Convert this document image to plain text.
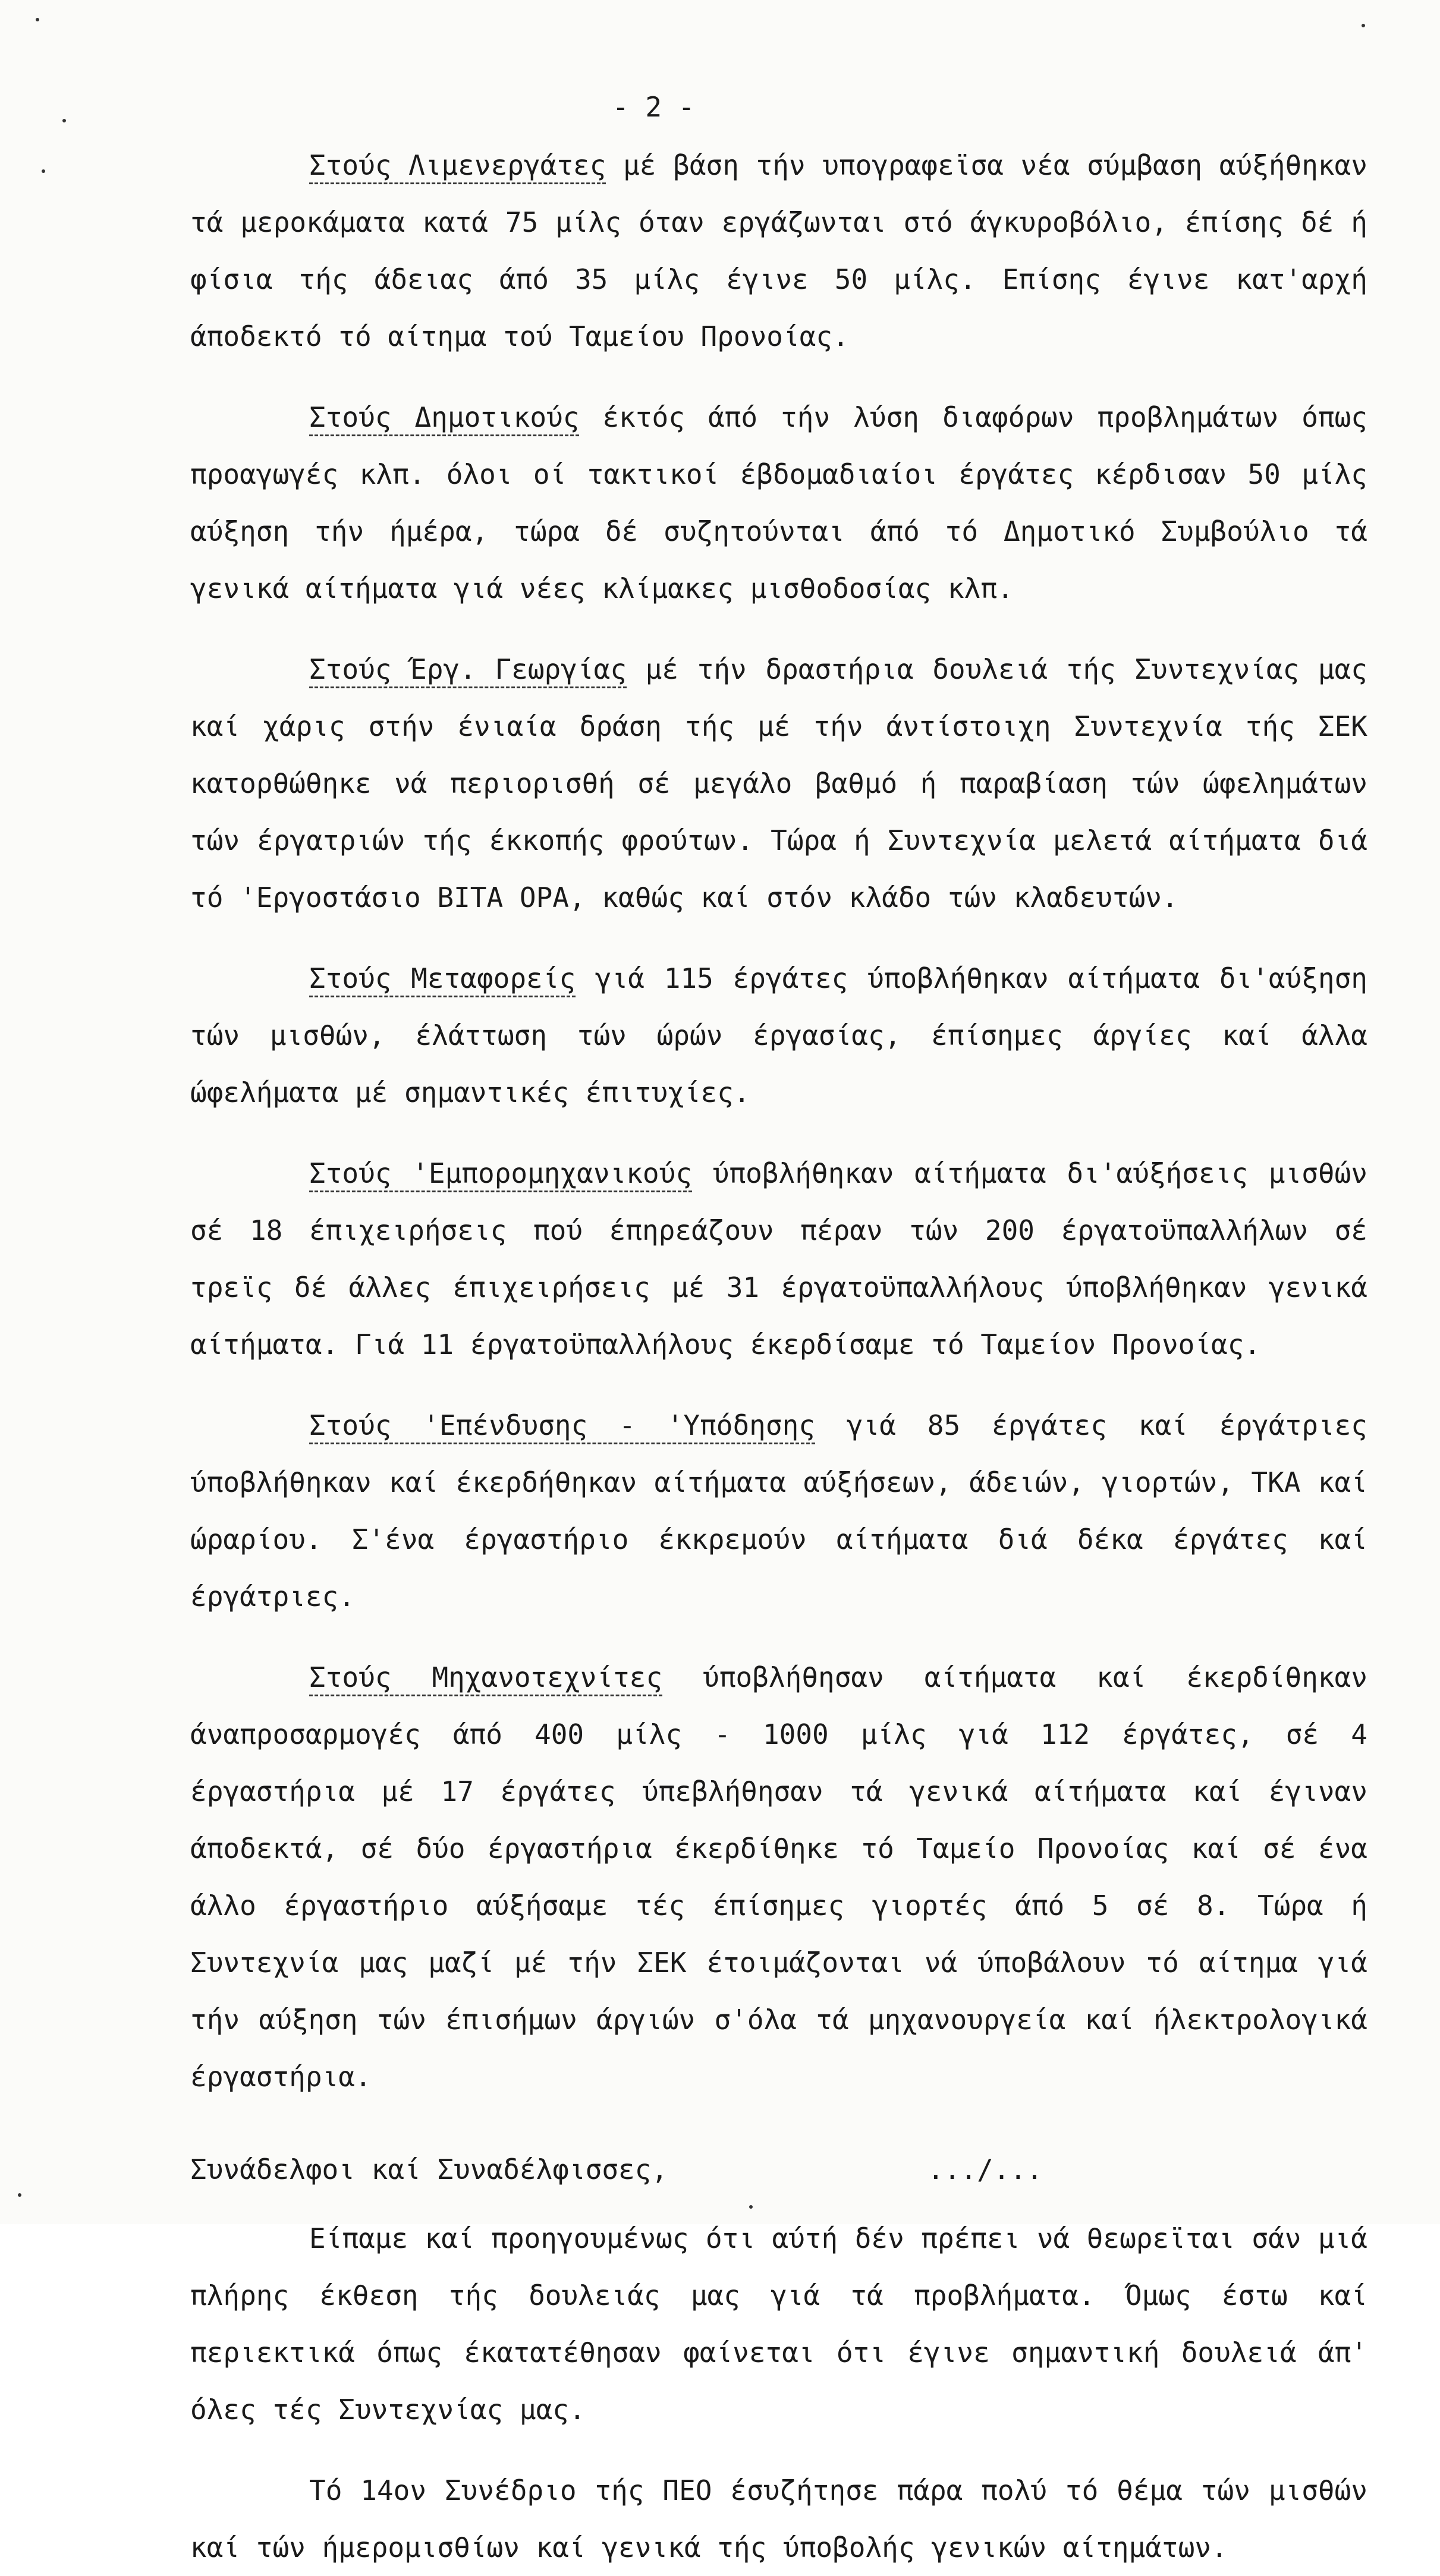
- 2 -

Στούς Λιμενεργάτες μέ βάση τήν υπογραφεϊσα νέα σύμβαση αύξήθηκαν τά μεροκάματα κατά 75 μίλς όταν εργάζωνται στό άγκυροβόλιο, έπίσης δέ ή φίσια τής άδειας άπό 35 μίλς έγινε 50 μίλς. Επίσης έγινε κατ'αρχή άποδεκτό τό αίτημα τού Ταμείου Προνοίας.

Στούς Δημοτικούς έκτός άπό τήν λύση διαφόρων προβλημάτων όπως προαγωγές κλπ. όλοι οί τακτικοί έβδομαδιαίοι έργάτες κέρδισαν 50 μίλς αύξηση τήν ήμέρα, τώρα δέ συζητούνται άπό τό Δημοτικό Συμβούλιο τά γενικά αίτήματα γιά νέες κλίμακες μισθοδοσίας κλπ.

Στούς Έργ. Γεωργίας μέ τήν δραστήρια δουλειά τής Συντεχνίας μας καί χάρις στήν ένιαία δράση τής μέ τήν άντίστοιχη Συντεχνία τής ΣΕΚ κατορθώθηκε νά περιορισθή σέ μεγάλο βαθμό ή παραβίαση τών ώφελημάτων τών έργατριών τής έκκοπής φρούτων. Τώρα ή Συντεχνία μελετά αίτήματα διά τό 'Εργοστάσιο ΒΙΤΑ ΟΡΑ, καθώς καί στόν κλάδο τών κλαδευτών.

Στούς Μεταφορείς γιά 115 έργάτες ύποβλήθηκαν αίτήματα δι'αύξηση τών μισθών, έλάττωση τών ώρών έργασίας, έπίσημες άργίες καί άλλα ώφελήματα μέ σημαντικές έπιτυχίες.

Στούς 'Εμπορομηχανικούς ύποβλήθηκαν αίτήματα δι'αύξήσεις μισθών σέ 18 έπιχειρήσεις πού έπηρεάζουν πέραν τών 200 έργατοϋπαλλήλων σέ τρεϊς δέ άλλες έπιχειρήσεις μέ 31 έργατοϋπαλλήλους ύποβλήθηκαν γενικά αίτήματα. Γιά 11 έργατοϋπαλλήλους έκερδίσαμε τό Ταμείον Προνοίας.

Στούς 'Επένδυσης - 'Υπόδησης γιά 85 έργάτες καί έργάτριες ύποβλήθηκαν καί έκερδήθηκαν αίτήματα αύξήσεων, άδειών, γιορτών, ΤΚΑ καί ώραρίου. Σ'ένα έργαστήριο έκκρεμούν αίτήματα διά δέκα έργάτες καί έργάτριες.

Στούς Μηχανοτεχνίτες ύποβλήθησαν αίτήματα καί έκερδίθηκαν άναπροσαρμογές άπό 400 μίλς - 1000 μίλς γιά 112 έργάτες, σέ 4 έργαστήρια μέ 17 έργάτες ύπεβλήθησαν τά γενικά αίτήματα καί έγιναν άποδεκτά, σέ δύο έργαστήρια έκερδίθηκε τό Ταμείο Προνοίας καί σέ ένα άλλο έργαστήριο αύξήσαμε τές έπίσημες γιορτές άπό 5 σέ 8. Τώρα ή Συντεχνία μας μαζί μέ τήν ΣΕΚ έτοιμάζονται νά ύποβάλουν τό αίτημα γιά τήν αύξηση τών έπισήμων άργιών σ'όλα τά μηχανουργεία καί ήλεκτρολογικά έργαστήρια.

Συνάδελφοι καί Συναδέλφισσες,

Είπαμε καί προηγουμένως ότι αύτή δέν πρέπει νά θεωρεϊται σάν μιά πλήρης έκθεση τής δουλειάς μας γιά τά προβλήματα. Όμως έστω καί περιεκτικά όπως έκατατέθησαν φαίνεται ότι έγινε σημαντική δουλειά άπ' όλες τές Συντεχνίας μας.

Τό 14ον Συνέδριο τής ΠΕΟ έσυζήτησε πάρα πολύ τό θέμα τών μισθών καί τών ήμερομισθίων καί γενικά τής ύποβολής γενικών αίτημάτων.

.../...
